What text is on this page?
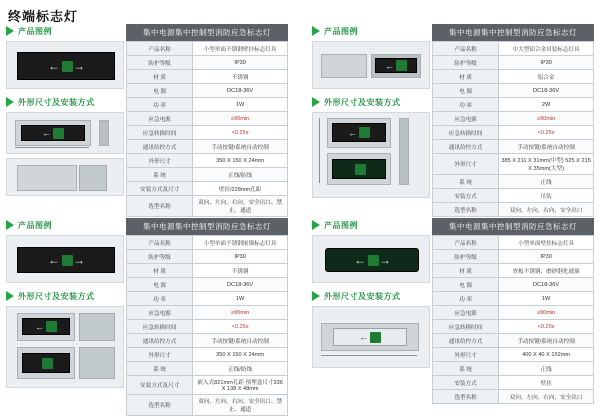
终端标志灯
产品图例
← →
外形尺寸及安装方式
←
集中电源集中控制型消防应急标志灯
产品名称	小型单面不锈钢壁挂标志灯具
防护等级	IP30
材 质	不锈钢
电 源	DC18-36V
功 率	1W
应急电源	≥90min
应急转换时间	<0.25s
通讯给控方式	手动按键/系统自动控制
外形尺寸	350 X 150 X 24mm
系 统	正线/防线
安装方式及尺寸	壁挂/228mm孔距
选型名称	双向、左向、右向、安全出口、禁止、通道
产品图例
←
外形尺寸及安装方式
←
集中电源集中控制型消防应急标志灯
产品名称	中大型铝合金吊装标志灯具
防护等级	IP30
材 质	铝合金
电 源	DC18-36V
功 率	2W
应急电源	≥90min
应急转换时间	<0.25s
通讯给控方式	手动按键/系统自动控制
外形尺寸	385 X 211 X 31mm(中型) 525 X 215 X 35mm(大型)
系 统	正线
安装方式	吊装
选型名称	双向、左向、右向、安全出口
产品图例
← →
外形尺寸及安装方式
←
集中电源集中控制型消防应急标志灯
产品名称	小型单面不锈钢嵌墙标志灯具
防护等级	IP30
材 质	不锈钢
电 源	DC18-36V
功 率	1W
应急电源	≥90min
应急转换时间	<0.25s
通讯给控方式	手动按键/系统自动控制
外形尺寸	350 X 150 X 24mm
系 统	正线/防线
安装方式及尺寸	嵌入式821mm孔距 预埋盒尺寸336 X 138 X 48mm
选型名称	双向、左向、右向、安全出口、禁止、通道
产品图例
← →
外形尺寸及安装方式
←
集中电源集中控制型消防应急标志灯
产品名称	小型单面壁挂标志灯具
防护等级	IP30
材 质	查板不锈钢、磨砂钢化玻璃
电 源	DC18-36V
功 率	1W
应急电源	≥90min
应急转换时间	<0.25s
通讯给控方式	手动按键/系统自动控制
外形尺寸	400 X 40 X 152mm
系 统	正线
安装方式	壁挂
选型名称	双向、左向、右向、安全出口
